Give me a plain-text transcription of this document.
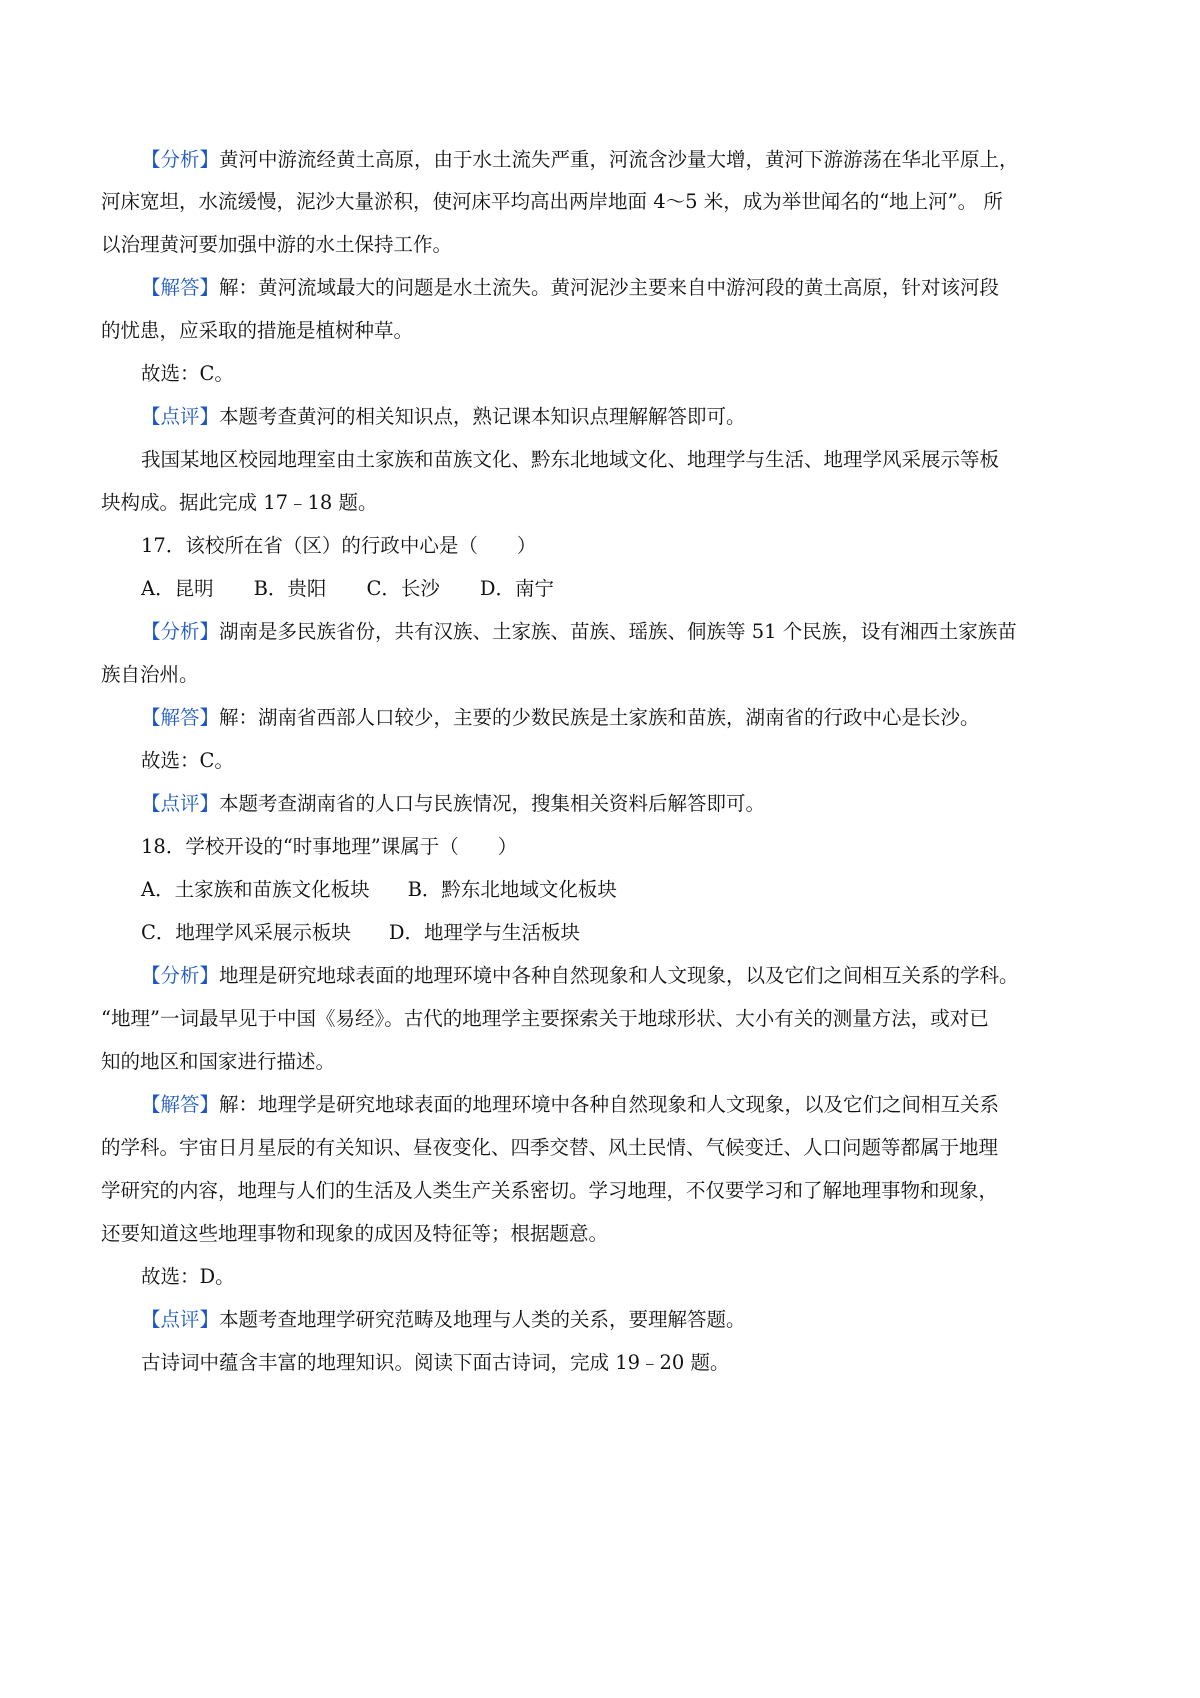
【分析】黄河中游流经黄土高原，由于水土流失严重，河流含沙量大增，黄河下游游荡在华北平原上，
河床宽坦，水流缓慢，泥沙大量淤积，使河床平均高出两岸地面 4～5 米，成为举世闻名的“地上河”。 所
以治理黄河要加强中游的水土保持工作。
【解答】解：黄河流域最大的问题是水土流失。黄河泥沙主要来自中游河段的黄土高原，针对该河段
的忧患，应采取的措施是植树种草。
故选：C。
【点评】本题考查黄河的相关知识点，熟记课本知识点理解解答即可。
我国某地区校园地理室由土家族和苗族文化、黔东北地域文化、地理学与生活、地理学风采展示等板
块构成。据此完成 17﹣18 题。
17．该校所在省（区）的行政中心是（　　）
A．昆明 B．贵阳 C．长沙 D．南宁
【分析】湖南是多民族省份，共有汉族、土家族、苗族、瑶族、侗族等 51 个民族，设有湘西土家族苗
族自治州。
【解答】解：湖南省西部人口较少，主要的少数民族是土家族和苗族，湖南省的行政中心是长沙。
故选：C。
【点评】本题考查湖南省的人口与民族情况，搜集相关资料后解答即可。
18．学校开设的“时事地理”课属于（　　）
A．土家族和苗族文化板块 B．黔东北地域文化板块
C．地理学风采展示板块 D．地理学与生活板块
【分析】地理是研究地球表面的地理环境中各种自然现象和人文现象，以及它们之间相互关系的学科。
“地理”一词最早见于中国《易经》。古代的地理学主要探索关于地球形状、大小有关的测量方法，或对已
知的地区和国家进行描述。
【解答】解：地理学是研究地球表面的地理环境中各种自然现象和人文现象，以及它们之间相互关系
的学科。宇宙日月星辰的有关知识、昼夜变化、四季交替、风土民情、气候变迁、人口问题等都属于地理
学研究的内容，地理与人们的生活及人类生产关系密切。学习地理，不仅要学习和了解地理事物和现象，
还要知道这些地理事物和现象的成因及特征等；根据题意。
故选：D。
【点评】本题考查地理学研究范畴及地理与人类的关系，要理解答题。
古诗词中蕴含丰富的地理知识。阅读下面古诗词，完成 19﹣20 题。
